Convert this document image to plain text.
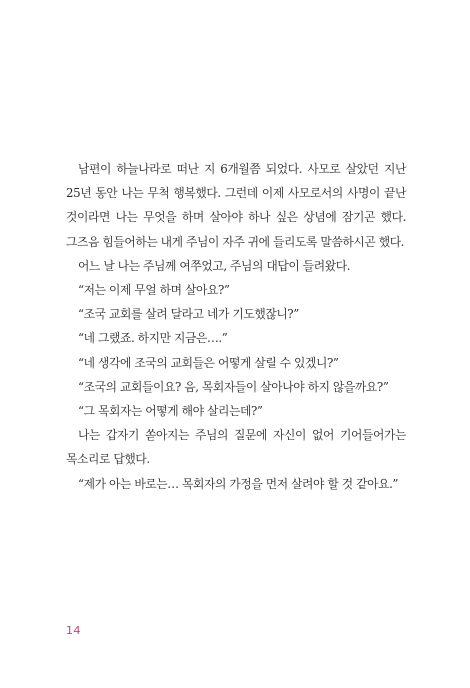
남편이 하늘나라로 떠난 지 6개월쯤 되었다. 사모로 살았던 지난 25년 동안 나는 무척 행복했다. 그런데 이제 사모로서의 사명이 끝난 것이라면 나는 무엇을 하며 살아야 하나 싶은 상념에 잠기곤 했다. 그즈음 힘들어하는 내게 주님이 자주 귀에 들리도록 말씀하시곤 했다.

어느 날 나는 주님께 여쭈었고, 주님의 대답이 들려왔다.

“저는 이제 무얼 하며 살아요?”

“조국 교회를 살려 달라고 네가 기도했잖니?”

“네 그랬죠. 하지만 지금은….”

“네 생각에 조국의 교회들은 어떻게 살릴 수 있겠니?”

“조국의 교회들이요? 음, 목회자들이 살아나야 하지 않을까요?”

“그 목회자는 어떻게 해야 살리는데?”

나는 갑자기 쏟아지는 주님의 질문에 자신이 없어 기어들어가는 목소리로 답했다.

“제가 아는 바로는… 목회자의 가정을 먼저 살려야 할 것 같아요.”

14
